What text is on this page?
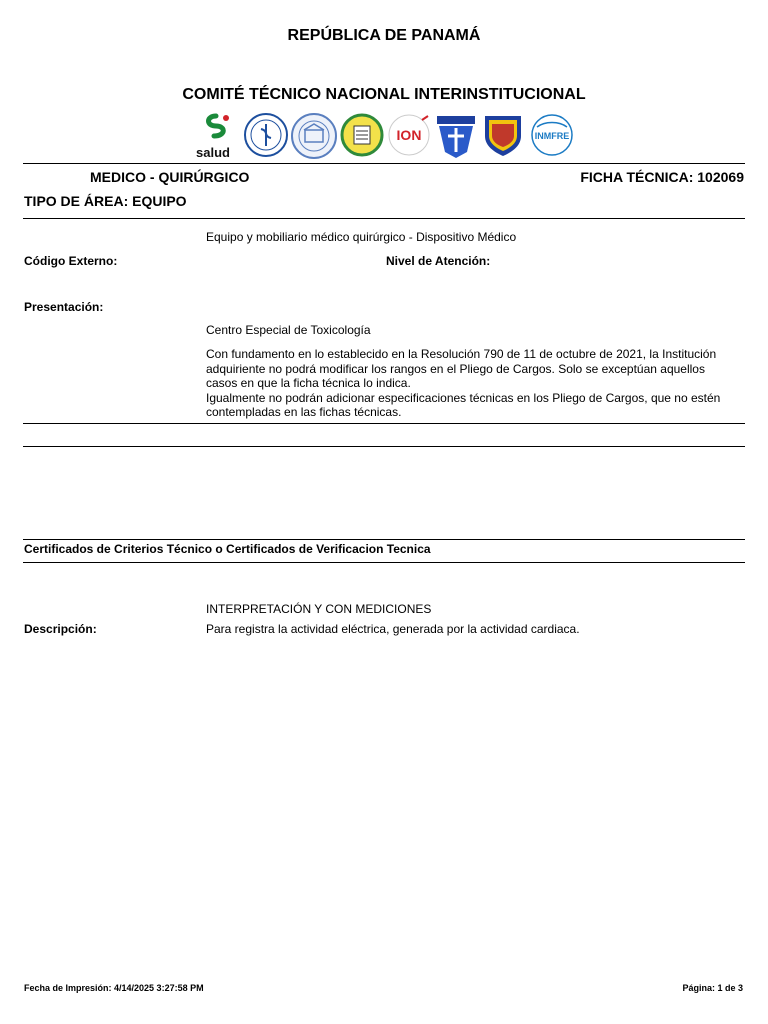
REPÚBLICA DE PANAMÁ
COMITÉ TÉCNICO NACIONAL INTERINSTITUCIONAL
salud
ION	INMFRE
MEDICO - QUIRÚRGICO	FICHA TÉCNICA: 102069
TIPO DE ÁREA: EQUIPO
Equipo y mobiliario médico quirúrgico - Dispositivo Médico
Código Externo:	Nivel de Atención:
Presentación:
Centro Especial de Toxicología
Con fundamento en lo establecido en la Resolución 790 de 11 de octubre de 2021, la Institución
adquiriente no podrá modificar los rangos en el Pliego de Cargos. Solo se exceptúan aquellos
casos en que la ficha técnica lo indica.
Igualmente no podrán adicionar especificaciones técnicas en los Pliego de Cargos, que no estén
contempladas en las fichas técnicas.
Certificados de Criterios Técnico o Certificados de Verificacion Tecnica
INTERPRETACIÓN Y CON MEDICIONES
Descripción:	Para registra la actividad eléctrica, generada por la actividad cardiaca.
Fecha de Impresión: 4/14/2025 3:27:58 PM	Página: 1 de 3
